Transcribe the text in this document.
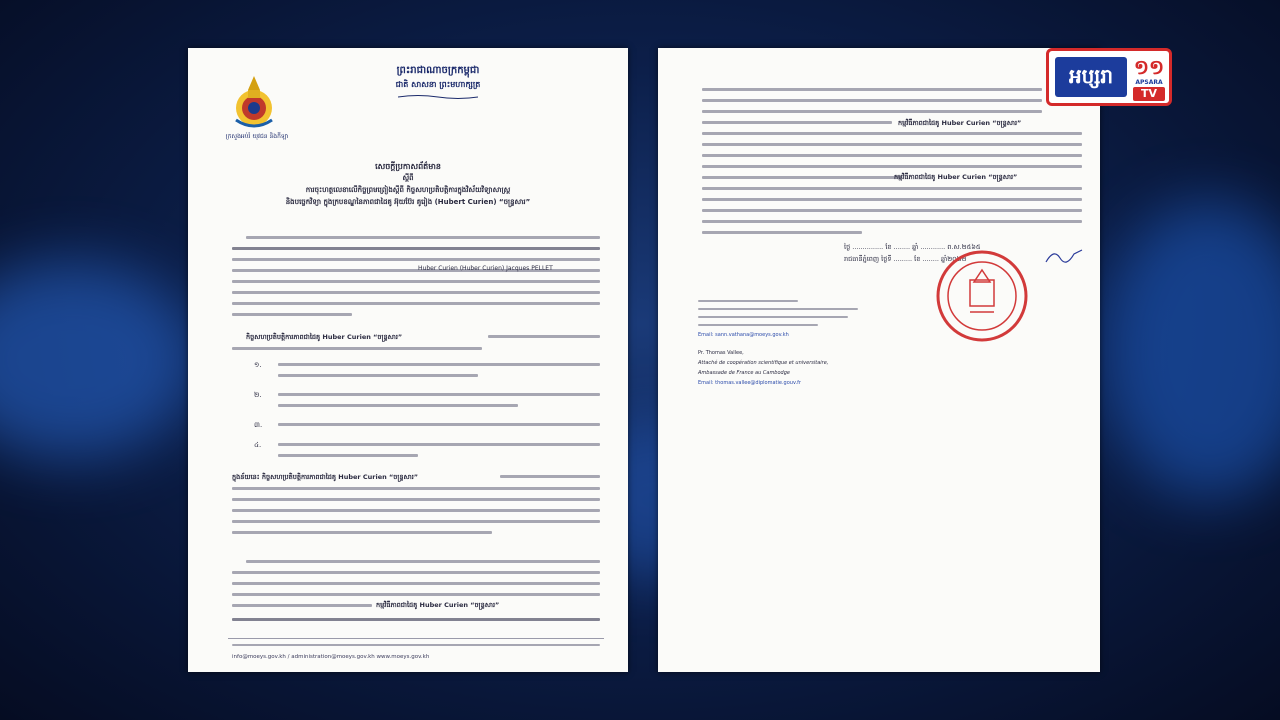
ក្រសួងអប់រំ យុវជន និងកីឡា
ព្រះរាជាណាចក្រកម្ពុជា
ជាតិ សាសនា ព្រះមហាក្សត្រ
សេចក្ដីប្រកាសព័ត៌មាន
ស្ដីពី
ការចុះហត្ថលេខាលើកិច្ចព្រមព្រៀងស្ដីពី កិច្ចសហប្រតិបត្តិការក្នុងវិស័យវិទ្យាសាស្ត្រ
និងបច្ចេកវិទ្យា ក្នុងក្របខណ្ឌនៃភាពជាដៃគូ អ៊ុយប៊ែរ គូរៀង (Hubert Curien) “ចន្ទ្រសារ”
Huber Curien (Huber Curien) Jacques PELLET
កិច្ចសហប្រតិបត្តិការភាពជាដៃគូ Huber Curien “ចន្ទ្រសារ”
១.
២.
៣.
៤.
ក្នុងន័យនេះ កិច្ចសហប្រតិបត្តិការភាពជាដៃគូ Huber Curien “ចន្ទ្រសារ”
កម្មវិធីភាពជាដៃគូ Huber Curien “ចន្ទ្រសារ”
info@moeys.gov.kh / administration@moeys.gov.kh www.moeys.gov.kh
កម្មវិធីភាពជាដៃគូ Huber Curien “ចន្ទ្រសារ”
កម្មវិធីភាពជាដៃគូ Huber Curien “ចន្ទ្រសារ”
ថ្ងៃ ............... ខែ ........ ឆ្នាំ ............ ព.ស.២៥៦៥
រាជធានីភ្នំពេញ ថ្ងៃទី ......... ខែ ........ ឆ្នាំ២០២២
Email: sann.vathana@moeys.gov.kh
Pr. Thomas Vallee,
Attaché de coopération scientifique et universitaire,
Ambassade de France au Cambodge
Email: thomas.vallee@diplomatie.gouv.fr
អប្សរា	១១
APSARA
TV
